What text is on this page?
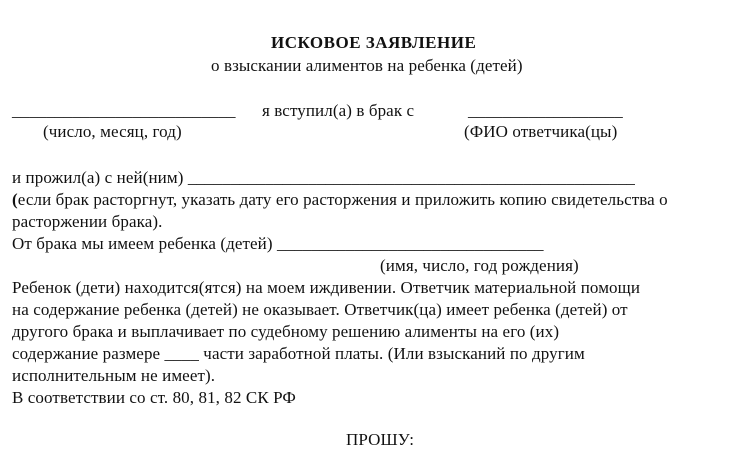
ИСКОВОЕ ЗАЯВЛЕНИЕ
о взыскании алиментов на ребенка (детей)
__________________________ я вступил(а) в брак с	__________________
(число, месяц, год)	(ФИО ответчика(цы)
и прожил(а) с ней(ним) ____________________________________________________
(если брак расторгнут, указать дату его расторжения и приложить копию свидетельства о
расторжении брака).
От брака мы имеем ребенка (детей) _______________________________
(имя, число, год рождения)
Ребенок (дети) находится(ятся) на моем иждивении. Ответчик материальной помощи
на содержание ребенка (детей) не оказывает. Ответчик(ца) имеет ребенка (детей) от
другого брака и выплачивает по судебному решению алименты на его (их)
содержание размере ____ части заработной платы. (Или взысканий по другим
исполнительным не имеет).
В соответствии со ст. 80, 81, 82 СК РФ
ПРОШУ:
